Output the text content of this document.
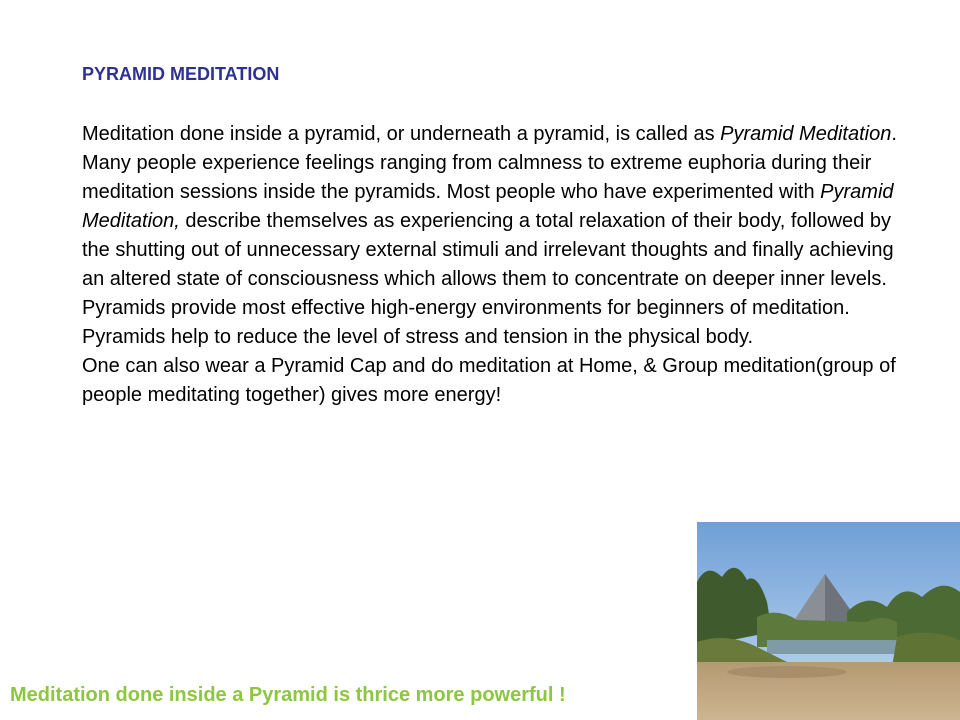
PYRAMID MEDITATION

Meditation done inside a pyramid, or underneath a pyramid, is called as Pyramid Meditation. Many people experience feelings ranging from calmness to extreme euphoria during their meditation sessions inside the pyramids. Most people who have experimented with Pyramid Meditation, describe themselves as experiencing a total relaxation of their body, followed by the shutting out of unnecessary external stimuli and irrelevant thoughts and finally achieving an altered state of consciousness which allows them to concentrate on deeper inner levels.

Pyramids provide most effective high-energy environments for beginners of meditation. Pyramids help to reduce the level of stress and tension in the physical body.

One can also wear a Pyramid Cap and do meditation at Home, & Group meditation(group of people meditating together) gives more energy!

Meditation done inside a Pyramid is thrice more powerful !
